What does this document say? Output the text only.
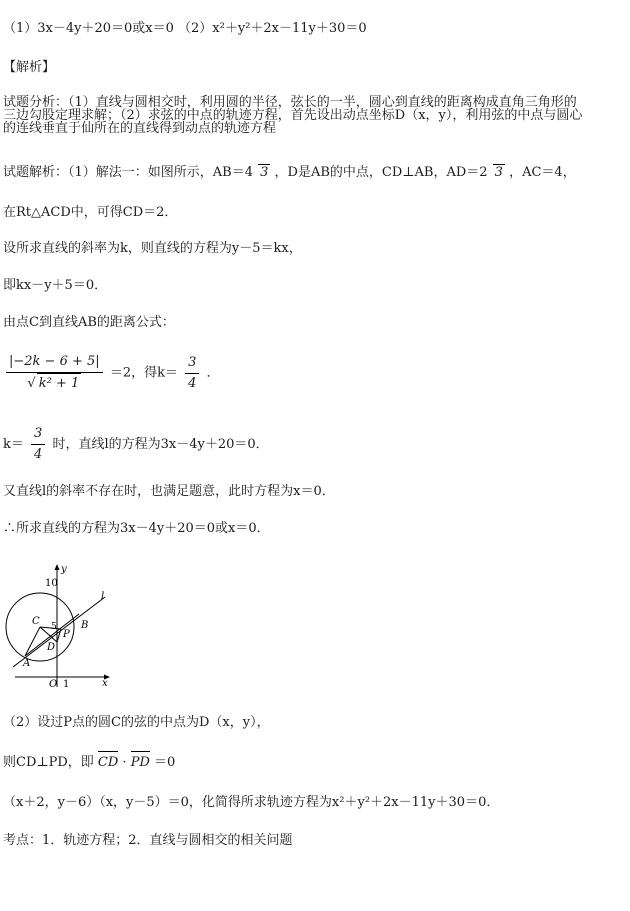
（1）3x－4y＋20＝0或x＝0 （2）x²＋y²＋2x－11y＋30＝0
【解析】
试题分析：（1）直线与圆相交时，利用圆的半径，弦长的一半，圆心到直线的距离构成直角三角形的
三边勾股定理求解；（2）求弦的中点的轨迹方程，首先设出动点坐标D（x，y），利用弦的中点与圆心
的连线垂直于仙所在的直线得到动点的轨迹方程
试题解析：（1）解法一：如图所示，AB＝4 3 ，D是AB的中点，CD⊥AB，AD＝2 3 ，AC＝4，
在Rt△ACD中，可得CD＝2．
设所求直线的斜率为k，则直线的方程为y－5＝kx，
即kx－y＋5＝0．
由点C到直线AB的距离公式：
$\frac{|-2k - 6 + 5|}{\text{√ k² + 1}} =2$，得$k= \frac{3}{4}$ ．
$k= \frac{3}{4}$ 时，直线l的方程为3x－4y＋20＝0．
又直线l的斜率不存在时，也满足题意，此时方程为x＝0．
∴所求直线的方程为3x－4y＋20＝0或x＝0．
10
y
5
O 1	x
C	B
P
D
A
l
（2）设过P点的圆C的弦的中点为D（x，y），
则CD⊥PD，即 CD · PD ＝0
（x＋2，y－6）（x，y－5）＝0，化简得所求轨迹方程为x²＋y²＋2x－11y＋30＝0．
考点：1．轨迹方程；2．直线与圆相交的相关问题
